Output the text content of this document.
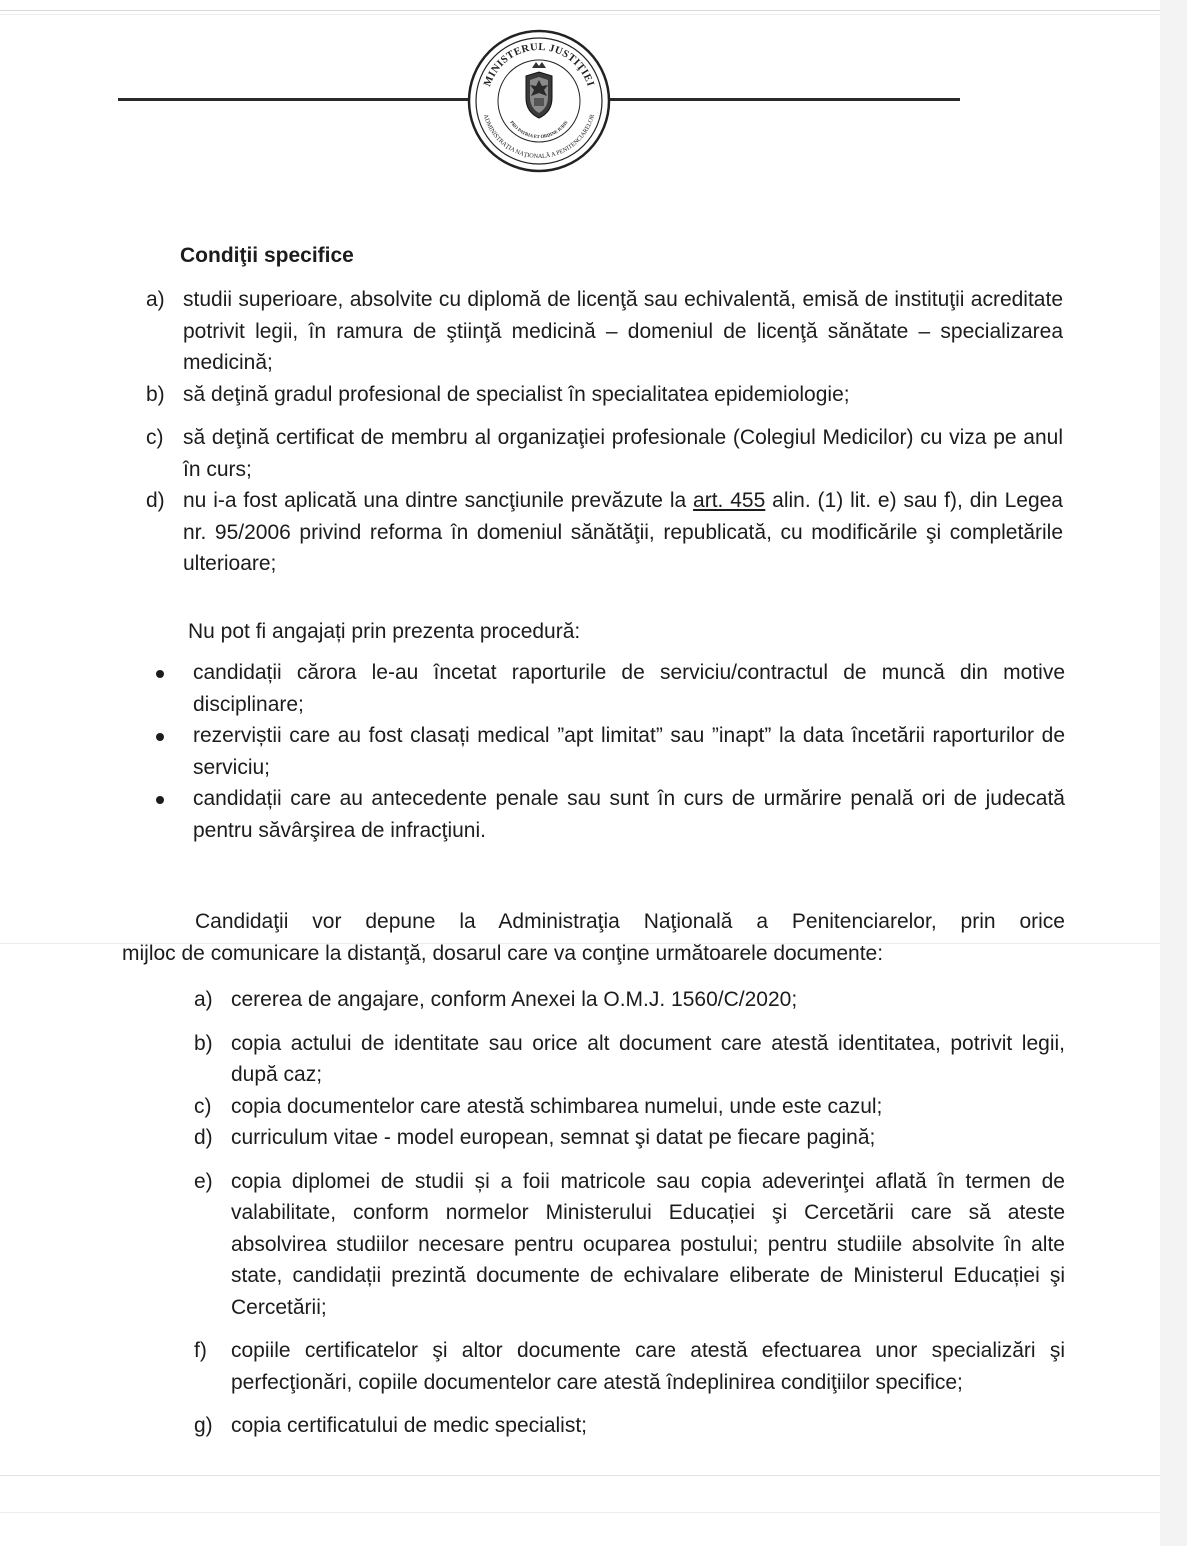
MINISTERUL JUSTIŢIEI
ADMINISTRAŢIA NAŢIONALĂ A PENITENCIARELOR
PRO PATRIA ET ORDINE IURIS
Condiţii specifice
a) studii superioare, absolvite cu diplomă de licenţă sau echivalentă, emisă de instituţii acreditate potrivit legii, în ramura de ştiinţă medicină – domeniul de licenţă sănătate – specializarea medicină;
b) să deţină gradul profesional de specialist în specialitatea epidemiologie;
c) să deţină certificat de membru al organizaţiei profesionale (Colegiul Medicilor) cu viza pe anul în curs;
d) nu i-a fost aplicată una dintre sancţiunile prevăzute la art. 455 alin. (1) lit. e) sau f), din Legea nr. 95/2006 privind reforma în domeniul sănătăţii, republicată, cu modificările şi completările ulterioare;

Nu pot fi angajați prin prezenta procedură:

candidații cărora le-au încetat raporturile de serviciu/contractul de muncă din motive disciplinare;
rezerviștii care au fost clasați medical ”apt limitat” sau ”inapt” la data încetării raporturilor de serviciu;
candidații care au antecedente penale sau sunt în curs de urmărire penală ori de judecată pentru săvârşirea de infracţiuni.

Candidaţii vor depune la Administraţia Naţională a Penitenciarelor, prin orice

mijloc de comunicare la distanţă, dosarul care va conţine următoarele documente:

a) cererea de angajare, conform Anexei la O.M.J. 1560/C/2020;
b) copia actului de identitate sau orice alt document care atestă identitatea, potrivit legii, după caz;
c) copia documentelor care atestă schimbarea numelui, unde este cazul;
d) curriculum vitae - model european, semnat şi datat pe fiecare pagină;
e) copia diplomei de studii și a foii matricole sau copia adeverinţei aflată în termen de valabilitate, conform normelor Ministerului Educației şi Cercetării care să ateste absolvirea studiilor necesare pentru ocuparea postului; pentru studiile absolvite în alte state, candidații prezintă documente de echivalare eliberate de Ministerul Educației şi Cercetării;
f) copiile certificatelor şi altor documente care atestă efectuarea unor specializări şi perfecţionări, copiile documentelor care atestă îndeplinirea condiţiilor specifice;
g) copia certificatului de medic specialist;
